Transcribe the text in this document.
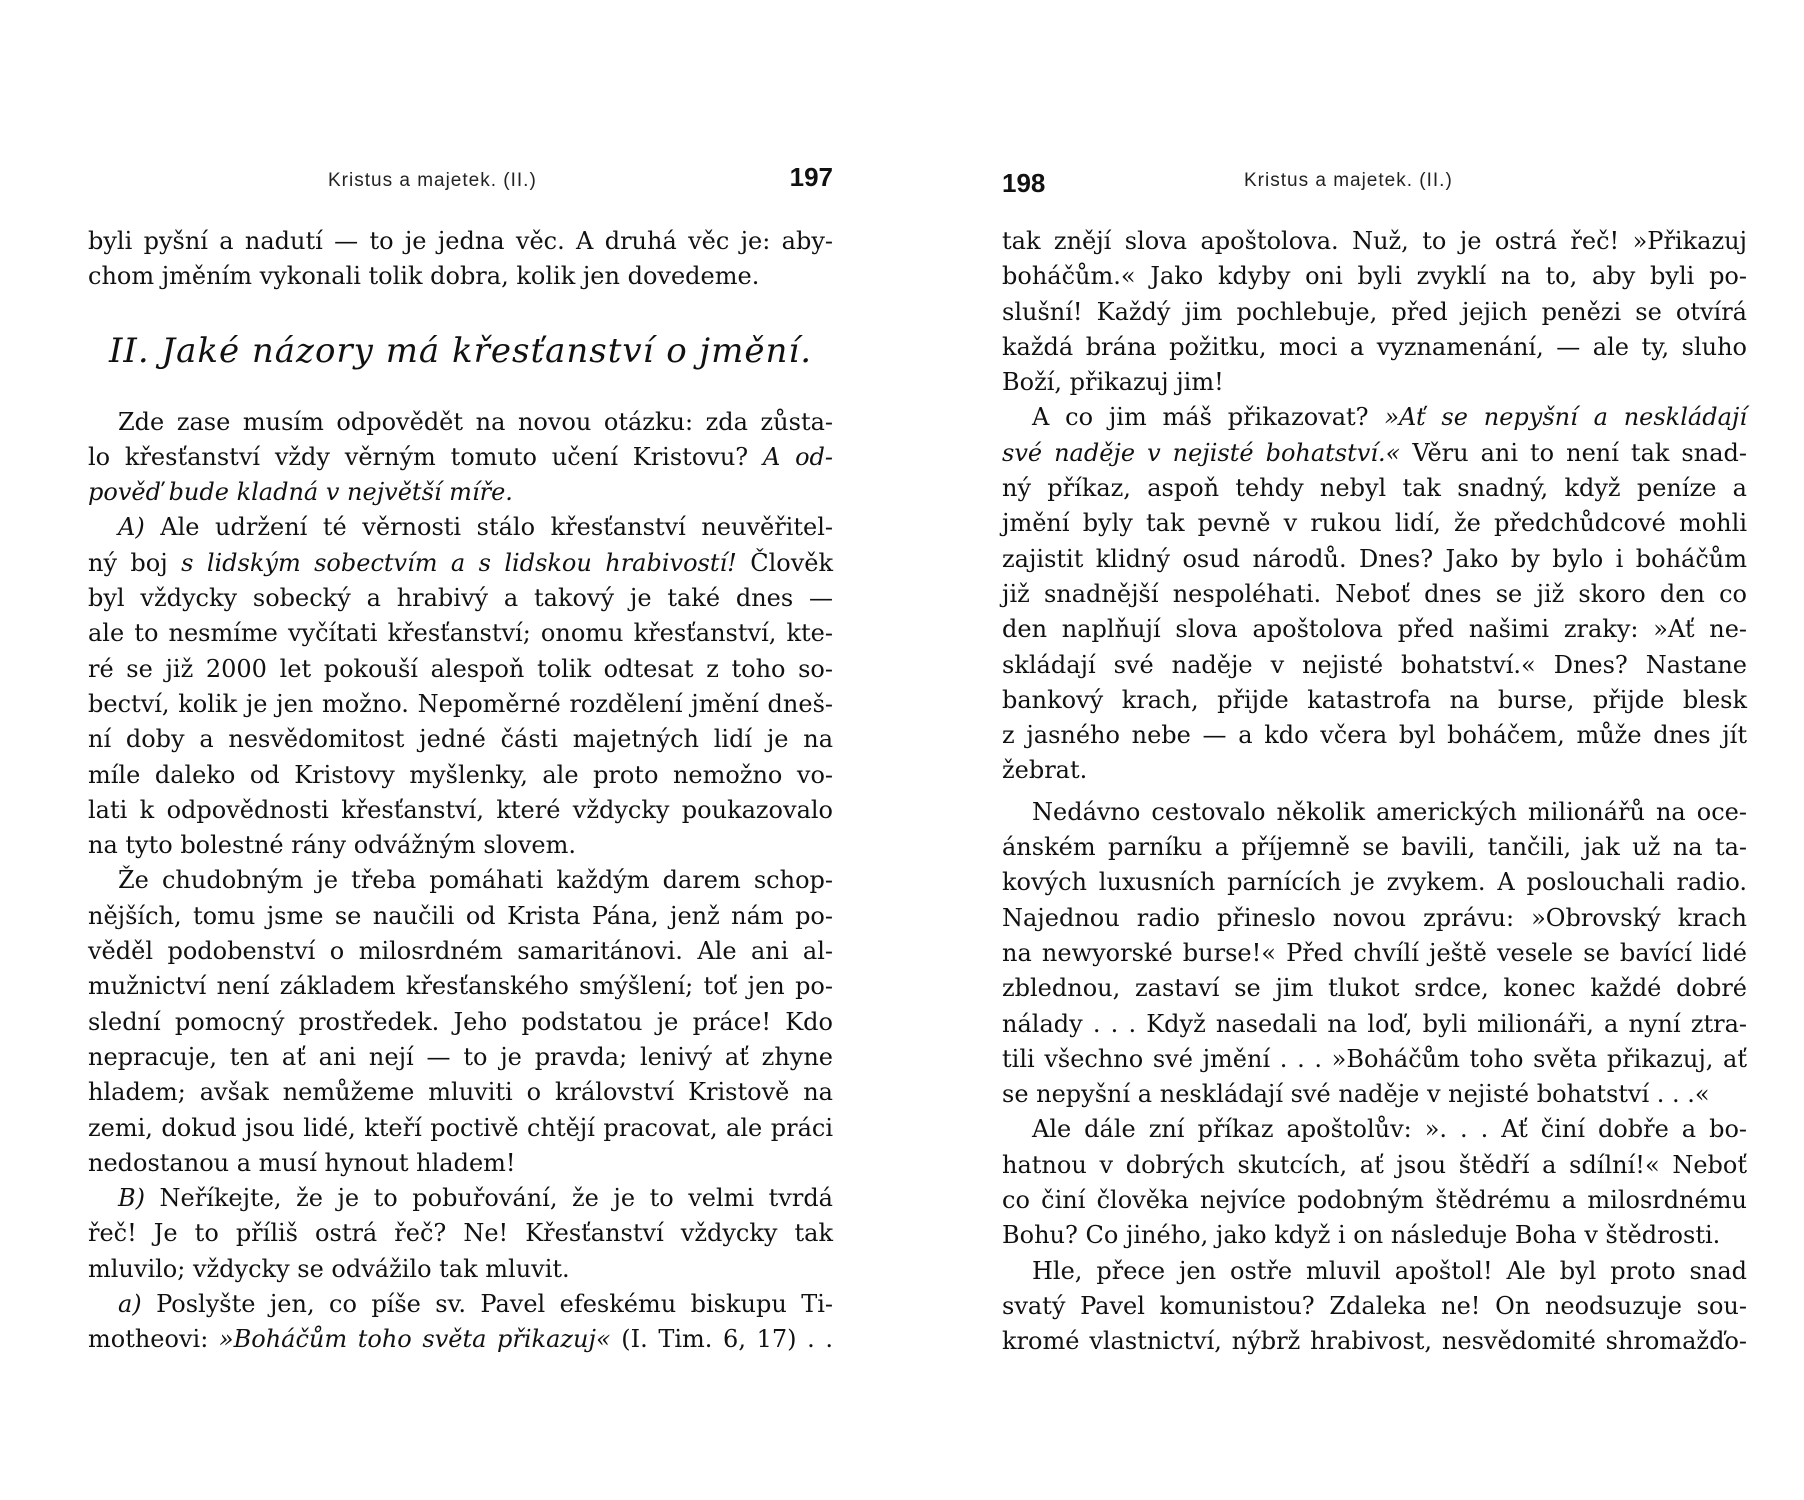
Kristus a majetek. (II.)	197
byli pyšní a nadutí — to je jedna věc. A druhá věc je: aby-
chom jměním vykonali tolik dobra, kolik jen dovedeme.
II. Jaké názory má křesťanství o jmění.
Zde zase musím odpovědět na novou otázku: zda zůsta-
lo křesťanství vždy věrným tomuto učení Kristovu? A od-
pověď bude kladná v největší míře.
A) Ale udržení té věrnosti stálo křesťanství neuvěřitel-
ný boj s lidským sobectvím a s lidskou hrabivostí! Člověk
byl vždycky sobecký a hrabivý a takový je také dnes —
ale to nesmíme vyčítati křesťanství; onomu křesťanství, kte-
ré se již 2000 let pokouší alespoň tolik odtesat z toho so-
bectví, kolik je jen možno. Nepoměrné rozdělení jmění dneš-
ní doby a nesvědomitost jedné části majetných lidí je na
míle daleko od Kristovy myšlenky, ale proto nemožno vo-
lati k odpovědnosti křesťanství, které vždycky poukazovalo
na tyto bolestné rány odvážným slovem.
Že chudobným je třeba pomáhati každým darem schop-
nějších, tomu jsme se naučili od Krista Pána, jenž nám po-
věděl podobenství o milosrdném samaritánovi. Ale ani al-
mužnictví není základem křesťanského smýšlení; toť jen po-
slední pomocný prostředek. Jeho podstatou je práce! Kdo
nepracuje, ten ať ani nejí — to je pravda; lenivý ať zhyne
hladem; avšak nemůžeme mluviti o království Kristově na
zemi, dokud jsou lidé, kteří poctivě chtějí pracovat, ale práci
nedostanou a musí hynout hladem!
B) Neříkejte, že je to pobuřování, že je to velmi tvrdá
řeč! Je to příliš ostrá řeč? Ne! Křesťanství vždycky tak
mluvilo; vždycky se odvážilo tak mluvit.
a) Poslyšte jen, co píše sv. Pavel efeskému biskupu Ti-
motheovi: »Boháčům toho světa přikazuj« (I. Tim. 6, 17) . .
198	Kristus a majetek. (II.)
tak znějí slova apoštolova. Nuž, to je ostrá řeč! »Přikazuj
boháčům.« Jako kdyby oni byli zvyklí na to, aby byli po-
slušní! Každý jim pochlebuje, před jejich penězi se otvírá
každá brána požitku, moci a vyznamenání, — ale ty, sluho
Boží, přikazuj jim!
A co jim máš přikazovat? »Ať se nepyšní a neskládají
své naděje v nejisté bohatství.« Věru ani to není tak snad-
ný příkaz, aspoň tehdy nebyl tak snadný, když peníze a
jmění byly tak pevně v rukou lidí, že předchůdcové mohli
zajistit klidný osud národů. Dnes? Jako by bylo i boháčům
již snadnější nespoléhati. Neboť dnes se již skoro den co
den naplňují slova apoštolova před našimi zraky: »Ať ne-
skládají své naděje v nejisté bohatství.« Dnes? Nastane
bankový krach, přijde katastrofa na burse, přijde blesk
z jasného nebe — a kdo včera byl boháčem, může dnes jít
žebrat.
Nedávno cestovalo několik amerických milionářů na oce-
ánském parníku a příjemně se bavili, tančili, jak už na ta-
kových luxusních parnících je zvykem. A poslouchali radio.
Najednou radio přineslo novou zprávu: »Obrovský krach
na newyorské burse!« Před chvílí ještě vesele se bavící lidé
zblednou, zastaví se jim tlukot srdce, konec každé dobré
nálady . . . Když nasedali na loď, byli milionáři, a nyní ztra-
tili všechno své jmění . . . »Boháčům toho světa přikazuj, ať
se nepyšní a neskládají své naděje v nejisté bohatství . . .«
Ale dále zní příkaz apoštolův: ». . . Ať činí dobře a bo-
hatnou v dobrých skutcích, ať jsou štědří a sdílní!« Neboť
co činí člověka nejvíce podobným štědrému a milosrdnému
Bohu? Co jiného, jako když i on následuje Boha v štědrosti.
Hle, přece jen ostře mluvil apoštol! Ale byl proto snad
svatý Pavel komunistou? Zdaleka ne! On neodsuzuje sou-
kromé vlastnictví, nýbrž hrabivost, nesvědomité shromažďo-
